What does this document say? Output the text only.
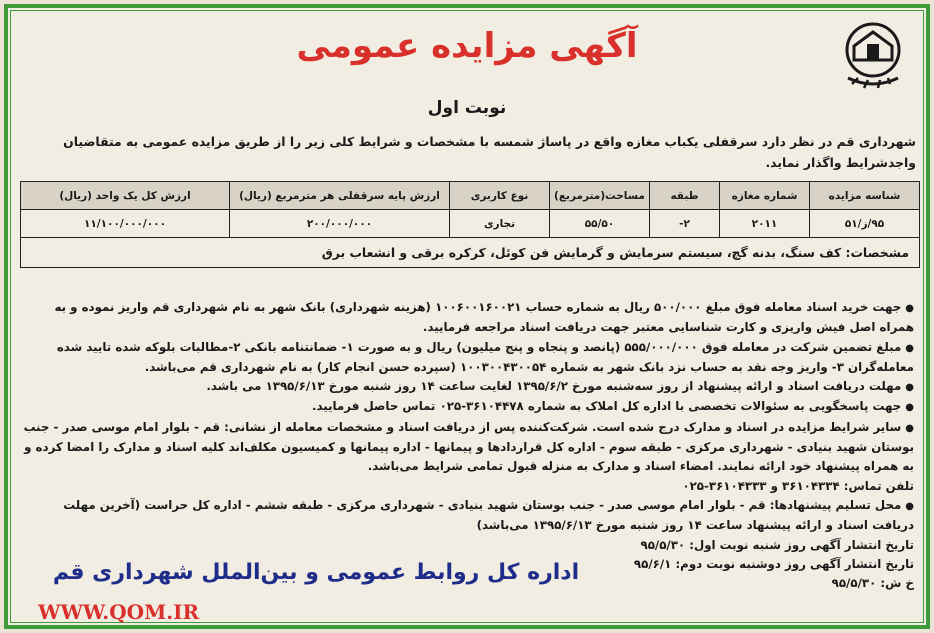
آگهی مزایده عمومی
نوبت اول
شهرداری قم در نظر دارد سرقفلی یکباب مغازه واقع در پاساژ شمسه با مشخصات و شرایط کلی زیر را از طریق مزایده عمومی به متقاضیان واجدشرایط واگذار نماید.
شناسه مزایده	شماره مغازه	طبقه	مساحت(مترمربع)	نوع کاربری	ارزش پایه سرقفلی هر مترمربع (ریال)	ارزش کل یک واحد (ریال)
۹۵/ز/۵۱	۲۰۱۱	۲-	۵۵/۵۰	تجاری	۲۰۰/۰۰۰/۰۰۰	۱۱/۱۰۰/۰۰۰/۰۰۰
مشخصات: کف سنگ، بدنه گچ، سیستم سرمایش و گرمایش فن کوئل، کرکره برقی و انشعاب برق						
● جهت خرید اسناد معامله فوق مبلغ ۵۰۰/۰۰۰ ریال به شماره حساب ۱۰۰۶۰۰۱۶۰۰۲۱ (هزینه شهرداری) بانک شهر به نام شهرداری قم واریز نموده و به همراه اصل فیش واریزی و کارت شناسایی معتبر جهت دریافت اسناد مراجعه فرمایید.
● مبلغ تضمین شرکت در معامله فوق ۵۵۵/۰۰۰/۰۰۰ (پانصد و پنجاه و پنج میلیون) ریال و به صورت ۱- ضمانتنامه بانکی ۲-مطالبات بلوکه شده تایید شده معامله‌گران ۳- واریز وجه نقد به حساب نزد بانک شهر به شماره ۱۰۰۳۰۰۴۳۰۰۵۴ (سپرده حسن انجام کار) به نام شهرداری قم می‌باشد.
● مهلت دریافت اسناد و ارائه پیشنهاد از روز سه‌شنبه مورخ ۱۳۹۵/۶/۲ لغایت ساعت ۱۴ روز شنبه مورخ ۱۳۹۵/۶/۱۳ می باشد.
● جهت پاسخگویی به سئوالات تخصصی با اداره کل املاک به شماره ۳۶۱۰۴۴۷۸-۰۲۵ تماس حاصل فرمایید.
● سایر شرایط مزایده در اسناد و مدارک درج شده است. شرکت‌کننده پس از دریافت اسناد و مشخصات معامله از نشانی: قم - بلوار امام موسی صدر - جنب بوستان شهید بنیادی - شهرداری مرکزی - طبقه سوم - اداره کل قراردادها و پیمانها - اداره پیمانها و کمیسیون مکلف‌اند کلیه اسناد و مدارک را امضا کرده و به همراه پیشنهاد خود ارائه نمایند. امضاء اسناد و مدارک به منزله قبول تمامی شرایط می‌باشد.
تلفن تماس: ۳۶۱۰۴۳۳۴ و ۳۶۱۰۴۳۳۳-۰۲۵
● محل تسلیم پیشنهادها: قم - بلوار امام موسی صدر - جنب بوستان شهید بنیادی - شهرداری مرکزی - طبقه ششم - اداره کل حراست (آخرین مهلت دریافت اسناد و ارائه پیشنهاد ساعت ۱۴ روز شنبه مورخ ۱۳۹۵/۶/۱۳ می‌باشد)
تاریخ انتشار آگهی روز شنبه نوبت اول: ۹۵/۵/۳۰
تاریخ انتشار آگهی روز دوشنبه نوبت دوم: ۹۵/۶/۱
خ ش: ۹۵/۵/۳۰
اداره کل روابط عمومی و بین‌الملل شهرداری قم
WWW.QOM.IR
